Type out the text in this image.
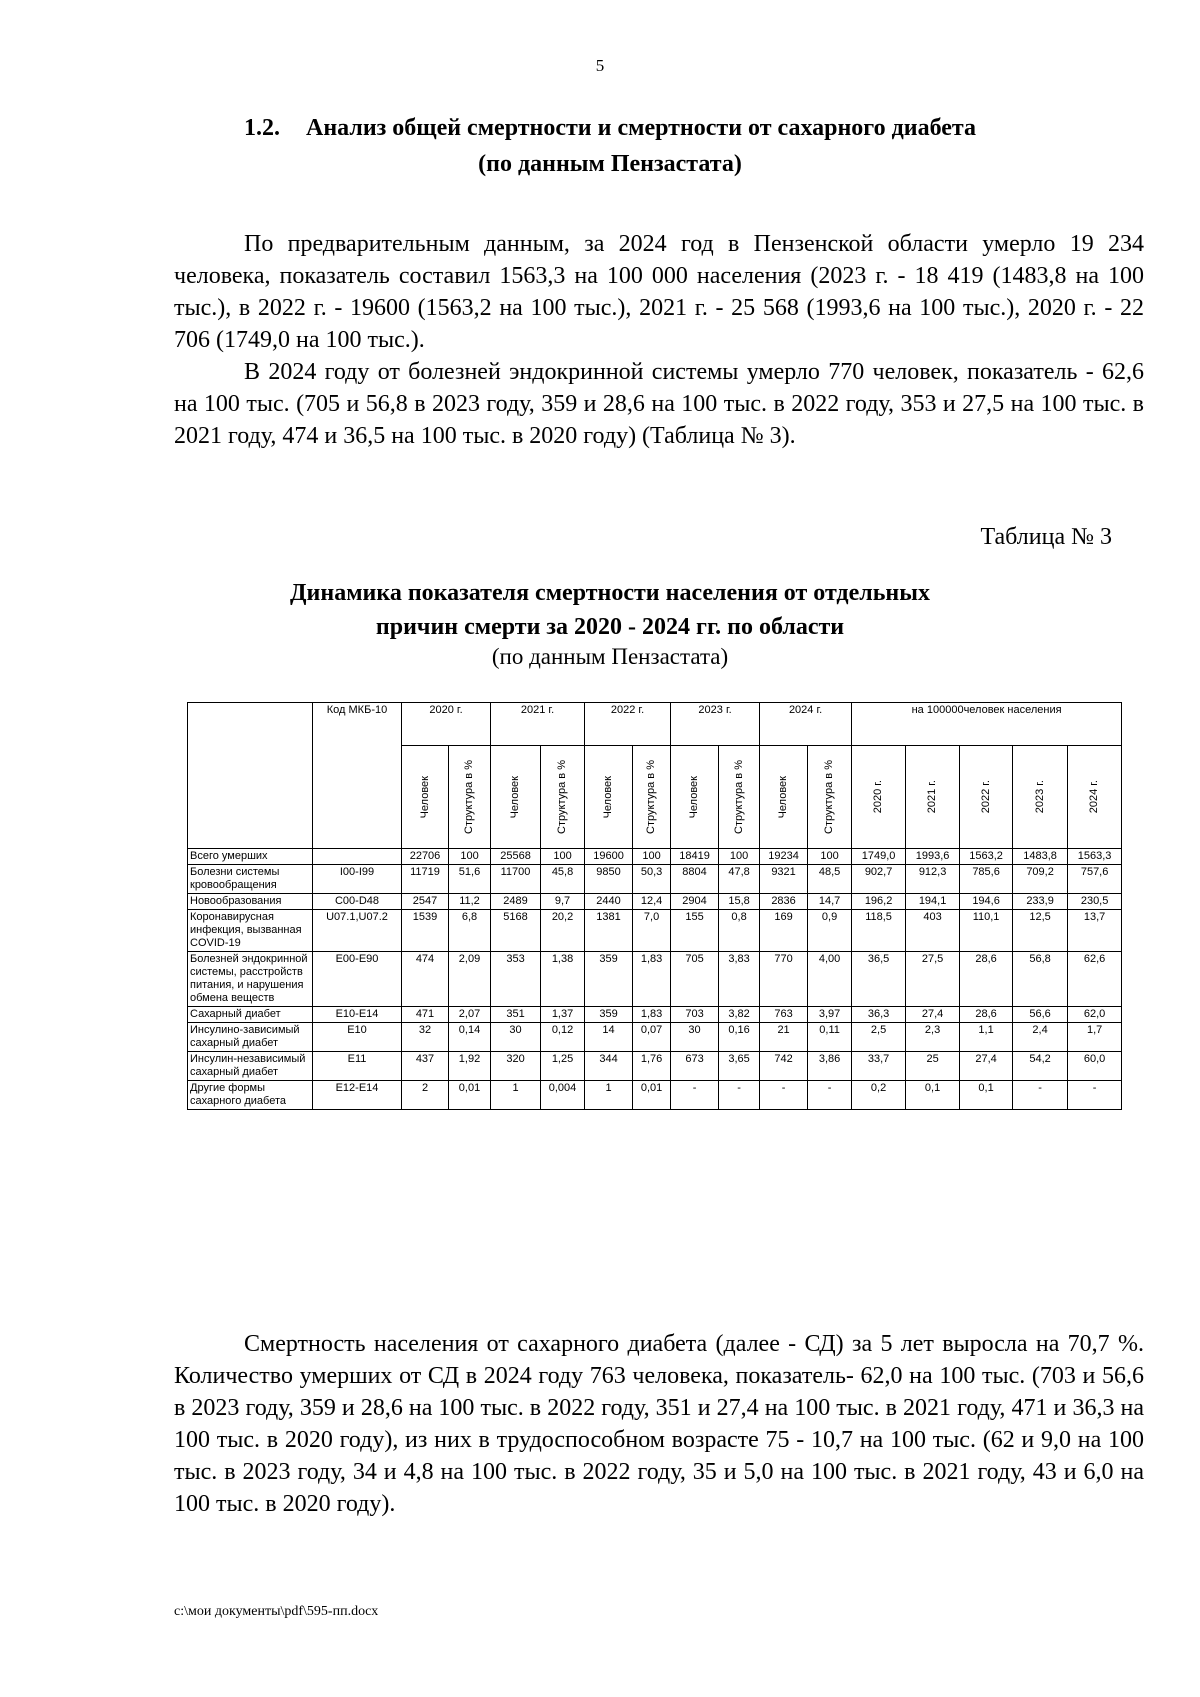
5
1.2. Анализ общей смертности и смертности от сахарного диабета
(по данным Пензастата)

По предварительным данным, за 2024 год в Пензенской области умерло 19 234 человека, показатель составил 1563,3 на 100 000 населения (2023 г. - 18 419 (1483,8 на 100 тыс.), в 2022 г. - 19600 (1563,2 на 100 тыс.), 2021 г. - 25 568 (1993,6 на 100 тыс.), 2020 г. - 22 706 (1749,0 на 100 тыс.).

В 2024 году от болезней эндокринной системы умерло 770 человек, показатель - 62,6 на 100 тыс. (705 и 56,8 в 2023 году, 359 и 28,6 на 100 тыс. в 2022 году, 353 и 27,5 на 100 тыс. в 2021 году, 474 и 36,5 на 100 тыс. в 2020 году) (Таблица № 3).

Таблица № 3
Динамика показателя смертности населения от отдельных
причин смерти за 2020 - 2024 гг. по области
(по данным Пензастата)
	Код МКБ-10	2020 г.		2021 г.		2022 г.		2023 г.		2024 г.		на 100000человек населения				

		Человек	Структура в %	Человек	Структура в %	Человек	Структура в %	Человек	Структура в %	Человек	Структура в %	2020 г.	2021 г.	2022 г.	2023 г.	2024 г.

Всего умерших		22706	100	25568	100	19600	100	18419	100	19234	100	1749,0	1993,6	1563,2	1483,8	1563,3
Болезни системы кровообращения	I00-I99	11719	51,6	11700	45,8	9850	50,3	8804	47,8	9321	48,5	902,7	912,3	785,6	709,2	757,6
Новообразования	C00-D48	2547	11,2	2489	9,7	2440	12,4	2904	15,8	2836	14,7	196,2	194,1	194,6	233,9	230,5
Коронавирусная инфекция, вызванная COVID-19	U07.1,U07.2	1539	6,8	5168	20,2	1381	7,0	155	0,8	169	0,9	118,5	403	110,1	12,5	13,7
Болезней эндокринной системы, расстройств питания, и нарушения обмена веществ	E00-E90	474	2,09	353	1,38	359	1,83	705	3,83	770	4,00	36,5	27,5	28,6	56,8	62,6
Сахарный диабет	E10-E14	471	2,07	351	1,37	359	1,83	703	3,82	763	3,97	36,3	27,4	28,6	56,6	62,0
Инсулино-зависимый сахарный диабет	E10	32	0,14	30	0,12	14	0,07	30	0,16	21	0,11	2,5	2,3	1,1	2,4	1,7
Инсулин-независимый сахарный диабет	E11	437	1,92	320	1,25	344	1,76	673	3,65	742	3,86	33,7	25	27,4	54,2	60,0
Другие формы сахарного диабета	E12-E14	2	0,01	1	0,004	1	0,01	-	-	-	-	0,2	0,1	0,1	-	-

Смертность населения от сахарного диабета (далее - СД) за 5 лет выросла на 70,7 %. Количество умерших от СД в 2024 году 763 человека, показатель- 62,0 на 100 тыс. (703 и 56,6 в 2023 году, 359 и 28,6 на 100 тыс. в 2022 году, 351 и 27,4 на 100 тыс. в 2021 году, 471 и 36,3 на 100 тыс. в 2020 году), из них в трудоспособном возрасте 75 - 10,7 на 100 тыс. (62 и 9,0 на 100 тыс. в 2023 году, 34 и 4,8 на 100 тыс. в 2022 году, 35 и 5,0 на 100 тыс. в 2021 году, 43 и 6,0 на 100 тыс. в 2020 году).

c:\мои документы\pdf\595-пп.docx
